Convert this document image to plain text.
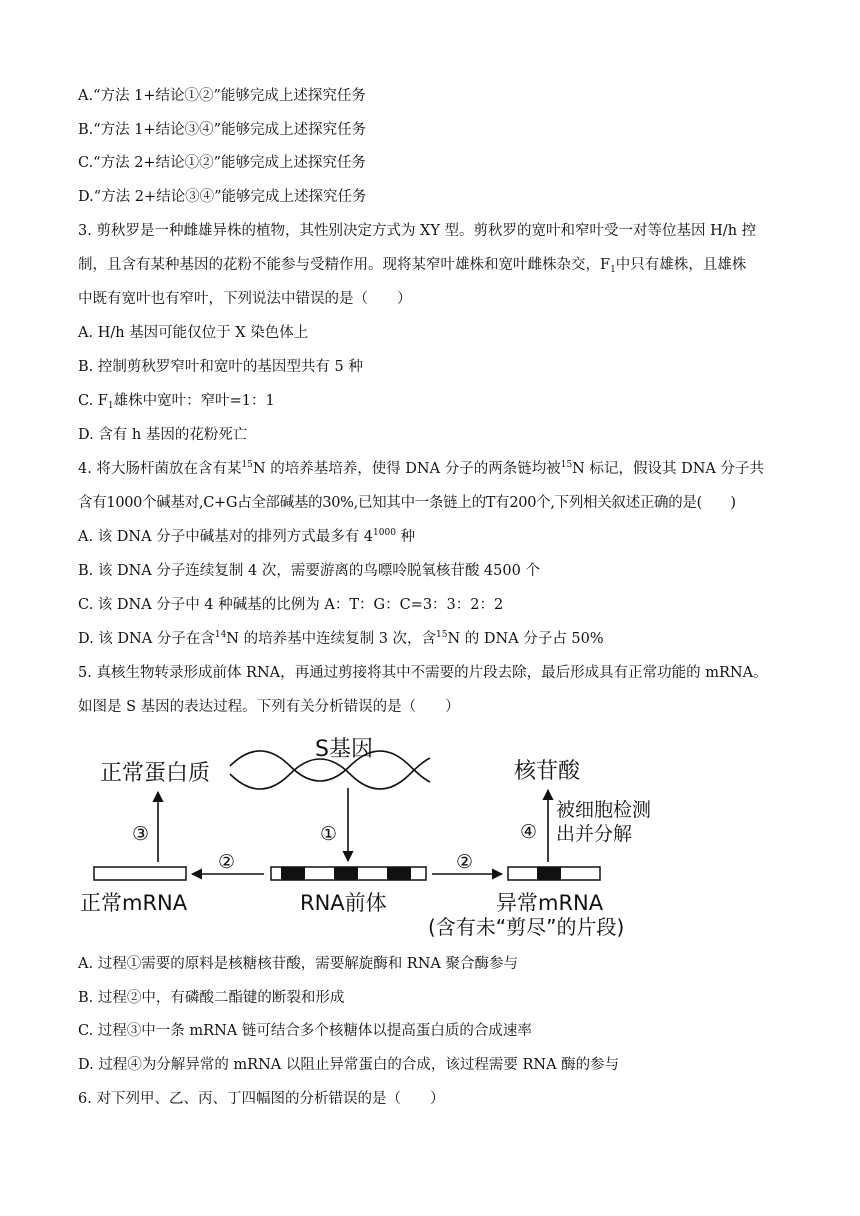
A.“方法 1+结论①②”能够完成上述探究任务
B.“方法 1+结论③④”能够完成上述探究任务
C.“方法 2+结论①②”能够完成上述探究任务
D.“方法 2+结论③④”能够完成上述探究任务
3. 剪秋罗是一种雌雄异株的植物，其性别决定方式为 XY 型。剪秋罗的宽叶和窄叶受一对等位基因 H/h 控
制，且含有某种基因的花粉不能参与受精作用。现将某窄叶雄株和宽叶雌株杂交，$F_1$中只有雄株，且雄株
中既有宽叶也有窄叶，下列说法中错误的是（　　）
A. H/h 基因可能仅位于 X 染色体上
B. 控制剪秋罗窄叶和宽叶的基因型共有 5 种
C. $F_1$雄株中宽叶：窄叶=1：1
D. 含有 h 基因的花粉死亡
4. 将大肠杆菌放在含有某$^{15}$N 的培养基培养，使得 DNA 分子的两条链均被$^{15}$N 标记，假设其 DNA 分子共
含有1000个碱基对,C+G占全部碱基的30%,已知其中一条链上的T有200个,下列相关叙述正确的是(　　)
A. 该 DNA 分子中碱基对的排列方式最多有 $4^{1000}$ 种
B. 该 DNA 分子连续复制 4 次，需要游离的鸟嘌呤脱氧核苷酸 4500 个
C. 该 DNA 分子中 4 种碱基的比例为 A：T：G：C=3：3：2：2
D. 该 DNA 分子在含$^{14}$N 的培养基中连续复制 3 次，含$^{15}$N 的 DNA 分子占 50%
5. 真核生物转录形成前体 RNA，再通过剪接将其中不需要的片段去除，最后形成具有正常功能的 mRNA。
如图是 S 基因的表达过程。下列有关分析错误的是（　　）
S基因
正常蛋白质
③
正常mRNA
②
①
RNA前体
②
异常mRNA
(含有未“剪尽”的片段)
④
核苷酸
被细胞检测
出并分解
A. 过程①需要的原料是核糖核苷酸，需要解旋酶和 RNA 聚合酶参与
B. 过程②中，有磷酸二酯键的断裂和形成
C. 过程③中一条 mRNA 链可结合多个核糖体以提高蛋白质的合成速率
D. 过程④为分解异常的 mRNA 以阻止异常蛋白的合成，该过程需要 RNA 酶的参与
6. 对下列甲、乙、丙、丁四幅图的分析错误的是（　　）
